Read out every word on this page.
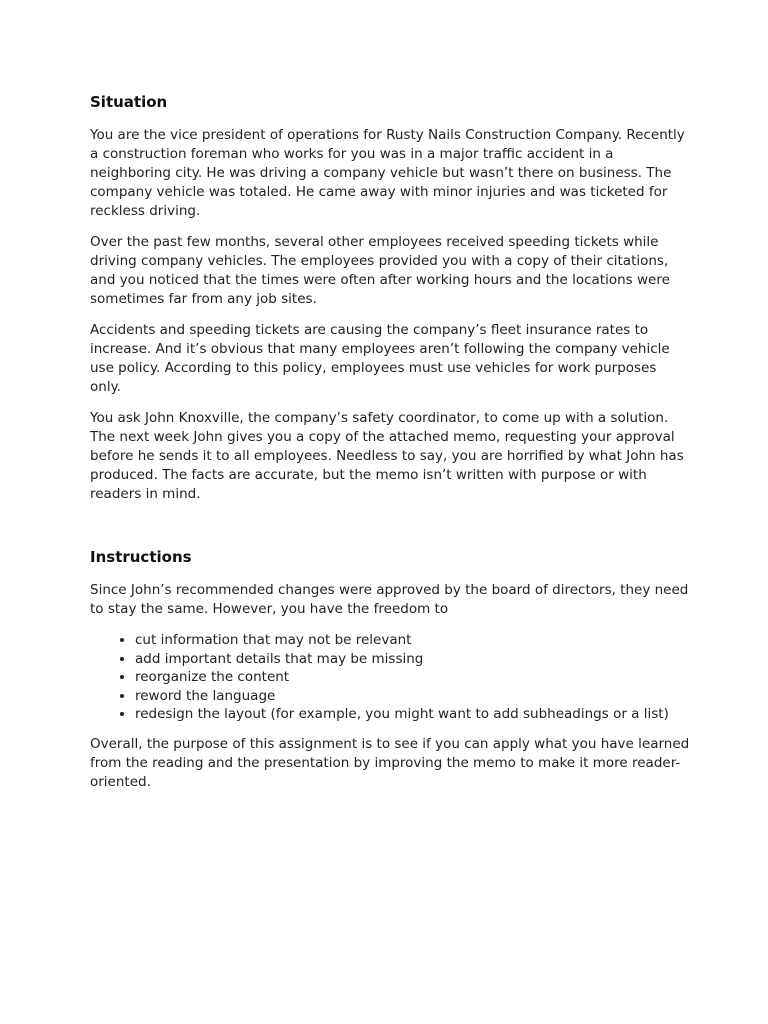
Situation

You are the vice president of operations for Rusty Nails Construction Company. Recently a construction foreman who works for you was in a major traffic accident in a neighboring city. He was driving a company vehicle but wasn’t there on business. The company vehicle was totaled. He came away with minor injuries and was ticketed for reckless driving.

Over the past few months, several other employees received speeding tickets while driving company vehicles. The employees provided you with a copy of their citations, and you noticed that the times were often after working hours and the locations were sometimes far from any job sites.

Accidents and speeding tickets are causing the company’s fleet insurance rates to increase. And it’s obvious that many employees aren’t following the company vehicle use policy. According to this policy, employees must use vehicles for work purposes only.

You ask John Knoxville, the company’s safety coordinator, to come up with a solution. The next week John gives you a copy of the attached memo, requesting your approval before he sends it to all employees. Needless to say, you are horrified by what John has produced. The facts are accurate, but the memo isn’t written with purpose or with readers in mind.

Instructions

Since John’s recommended changes were approved by the board of directors, they need to stay the same. However, you have the freedom to

• cut information that may not be relevant
• add important details that may be missing
• reorganize the content
• reword the language
• redesign the layout (for example, you might want to add subheadings or a list)

Overall, the purpose of this assignment is to see if you can apply what you have learned from the reading and the presentation by improving the memo to make it more reader-oriented.
